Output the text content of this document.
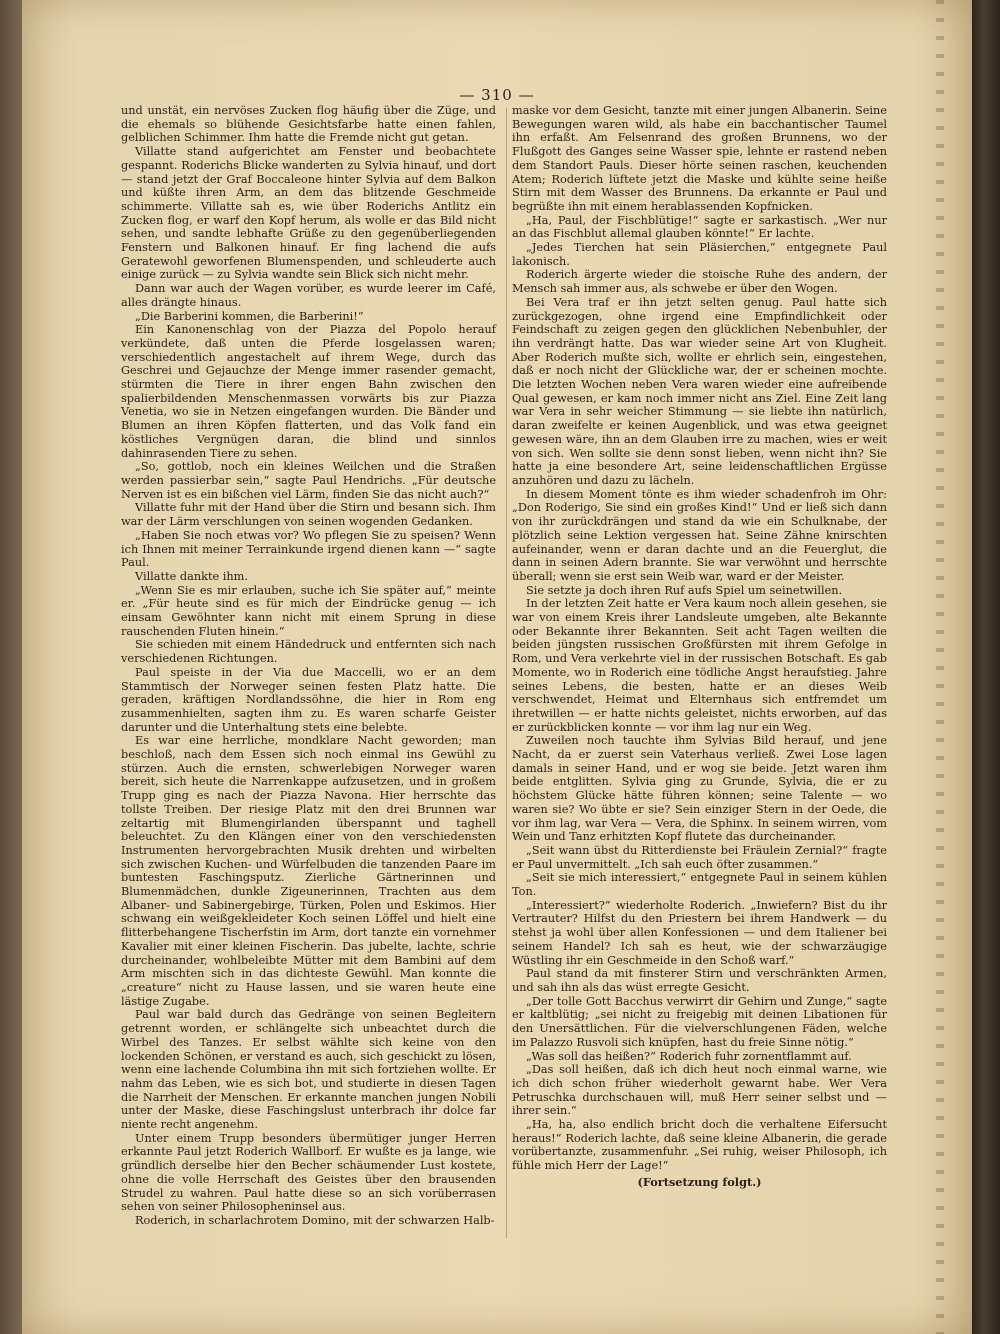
— 310 —

und unstät, ein nervöses Zucken flog häufig über die Züge, und die ehemals so blühende Gesichtsfarbe hatte einen fahlen, gelblichen Schimmer. Ihm hatte die Fremde nicht gut getan.

Villatte stand aufgerichtet am Fenster und beobachtete gespannt. Roderichs Blicke wanderten zu Sylvia hinauf, und dort — stand jetzt der Graf Boccaleone hinter Sylvia auf dem Balkon und küßte ihren Arm, an dem das blitzende Geschmeide schimmerte. Villatte sah es, wie über Roderichs Antlitz ein Zucken flog, er warf den Kopf herum, als wolle er das Bild nicht sehen, und sandte lebhafte Grüße zu den gegenüberliegenden Fenstern und Balkonen hinauf. Er fing lachend die aufs Geratewohl geworfenen Blumenspenden, und schleuderte auch einige zurück — zu Sylvia wandte sein Blick sich nicht mehr.

Dann war auch der Wagen vorüber, es wurde leerer im Café, alles drängte hinaus.

„Die Barberini kommen, die Barberini!“

Ein Kanonenschlag von der Piazza del Popolo herauf verkündete, daß unten die Pferde losgelassen waren; verschiedentlich angestachelt auf ihrem Wege, durch das Geschrei und Gejauchze der Menge immer rasender gemacht, stürmten die Tiere in ihrer engen Bahn zwischen den spalierbildenden Menschenmassen vorwärts bis zur Piazza Venetia, wo sie in Netzen eingefangen wurden. Die Bänder und Blumen an ihren Köpfen flatterten, und das Volk fand ein köstliches Vergnügen daran, die blind und sinnlos dahinrasenden Tiere zu sehen.

„So, gottlob, noch ein kleines Weilchen und die Straßen werden passierbar sein,“ sagte Paul Hendrichs. „Für deutsche Nerven ist es ein bißchen viel Lärm, finden Sie das nicht auch?“

Villatte fuhr mit der Hand über die Stirn und besann sich. Ihm war der Lärm verschlungen von seinen wogenden Gedanken.

„Haben Sie noch etwas vor? Wo pflegen Sie zu speisen? Wenn ich Ihnen mit meiner Terrainkunde irgend dienen kann —“ sagte Paul.

Villatte dankte ihm.

„Wenn Sie es mir erlauben, suche ich Sie später auf,“ meinte er. „Für heute sind es für mich der Eindrücke genug — ich einsam Gewöhnter kann nicht mit einem Sprung in diese rauschenden Fluten hinein.“

Sie schieden mit einem Händedruck und entfernten sich nach verschiedenen Richtungen.

Paul speiste in der Via due Maccelli, wo er an dem Stammtisch der Norweger seinen festen Platz hatte. Die geraden, kräftigen Nordlandssöhne, die hier in Rom eng zusammenhielten, sagten ihm zu. Es waren scharfe Geister darunter und die Unterhaltung stets eine belebte.

Es war eine herrliche, mondklare Nacht geworden; man beschloß, nach dem Essen sich noch einmal ins Gewühl zu stürzen. Auch die ernsten, schwerlebigen Norweger waren bereit, sich heute die Narrenkappe aufzusetzen, und in großem Trupp ging es nach der Piazza Navona. Hier herrschte das tollste Treiben. Der riesige Platz mit den drei Brunnen war zeltartig mit Blumengirlanden überspannt und taghell beleuchtet. Zu den Klängen einer von den verschiedensten Instrumenten hervorgebrachten Musik drehten und wirbelten sich zwischen Kuchen- und Würfelbuden die tanzenden Paare im buntesten Faschingsputz. Zierliche Gärtnerinnen und Blumenmädchen, dunkle Zigeunerinnen, Trachten aus dem Albaner- und Sabinergebirge, Türken, Polen und Eskimos. Hier schwang ein weißgekleideter Koch seinen Löffel und hielt eine flitterbehangene Tischerfstin im Arm, dort tanzte ein vornehmer Kavalier mit einer kleinen Fischerin. Das jubelte, lachte, schrie durcheinander, wohlbeleibte Mütter mit dem Bambini auf dem Arm mischten sich in das dichteste Gewühl. Man konnte die „creature“ nicht zu Hause lassen, und sie waren heute eine lästige Zugabe.

Paul war bald durch das Gedränge von seinen Begleitern getrennt worden, er schlängelte sich unbeachtet durch die Wirbel des Tanzes. Er selbst wählte sich keine von den lockenden Schönen, er verstand es auch, sich geschickt zu lösen, wenn eine lachende Columbina ihn mit sich fortziehen wollte. Er nahm das Leben, wie es sich bot, und studierte in diesen Tagen die Narrheit der Menschen. Er erkannte manchen jungen Nobili unter der Maske, diese Faschingslust unterbrach ihr dolce far niente recht angenehm.

Unter einem Trupp besonders übermütiger junger Herren erkannte Paul jetzt Roderich Wallborf. Er wußte es ja lange, wie gründlich derselbe hier den Becher schäumender Lust kostete, ohne die volle Herrschaft des Geistes über den brausenden Strudel zu wahren. Paul hatte diese so an sich vorüberrasen sehen von seiner Philosopheninsel aus.

Roderich, in scharlachrotem Domino, mit der schwarzen Halb-

maske vor dem Gesicht, tanzte mit einer jungen Albanerin. Seine Bewegungen waren wild, als habe ein bacchantischer Taumel ihn erfaßt. Am Felsenrand des großen Brunnens, wo der Flußgott des Ganges seine Wasser spie, lehnte er rastend neben dem Standort Pauls. Dieser hörte seinen raschen, keuchenden Atem; Roderich lüftete jetzt die Maske und kühlte seine heiße Stirn mit dem Wasser des Brunnens. Da erkannte er Paul und begrüßte ihn mit einem herablassenden Kopfnicken.

„Ha, Paul, der Fischblütige!“ sagte er sarkastisch. „Wer nur an das Fischblut allemal glauben könnte!“ Er lachte.

„Jedes Tierchen hat sein Pläsierchen,“ entgegnete Paul lakonisch.

Roderich ärgerte wieder die stoische Ruhe des andern, der Mensch sah immer aus, als schwebe er über den Wogen.

Bei Vera traf er ihn jetzt selten genug. Paul hatte sich zurückgezogen, ohne irgend eine Empfindlichkeit oder Feindschaft zu zeigen gegen den glücklichen Nebenbuhler, der ihn verdrängt hatte. Das war wieder seine Art von Klugheit. Aber Roderich mußte sich, wollte er ehrlich sein, eingestehen, daß er noch nicht der Glückliche war, der er scheinen mochte. Die letzten Wochen neben Vera waren wieder eine aufreibende Qual gewesen, er kam noch immer nicht ans Ziel. Eine Zeit lang war Vera in sehr weicher Stimmung — sie liebte ihn natürlich, daran zweifelte er keinen Augenblick, und was etwa geeignet gewesen wäre, ihn an dem Glauben irre zu machen, wies er weit von sich. Wen sollte sie denn sonst lieben, wenn nicht ihn? Sie hatte ja eine besondere Art, seine leidenschaftlichen Ergüsse anzuhören und dazu zu lächeln.

In diesem Moment tönte es ihm wieder schadenfroh im Ohr: „Don Roderigo, Sie sind ein großes Kind!“ Und er ließ sich dann von ihr zurückdrängen und stand da wie ein Schulknabe, der plötzlich seine Lektion vergessen hat. Seine Zähne knirschten aufeinander, wenn er daran dachte und an die Feuerglut, die dann in seinen Adern brannte. Sie war verwöhnt und herrschte überall; wenn sie erst sein Weib war, ward er der Meister.

Sie setzte ja doch ihren Ruf aufs Spiel um seinetwillen.

In der letzten Zeit hatte er Vera kaum noch allein gesehen, sie war von einem Kreis ihrer Landsleute umgeben, alte Bekannte oder Bekannte ihrer Bekannten. Seit acht Tagen weilten die beiden jüngsten russischen Großfürsten mit ihrem Gefolge in Rom, und Vera verkehrte viel in der russischen Botschaft. Es gab Momente, wo in Roderich eine tödliche Angst heraufstieg. Jahre seines Lebens, die besten, hatte er an dieses Weib verschwendet, Heimat und Elternhaus sich entfremdet um ihretwillen — er hatte nichts geleistet, nichts erworben, auf das er zurückblicken konnte — vor ihm lag nur ein Weg.

Zuweilen noch tauchte ihm Sylvias Bild herauf, und jene Nacht, da er zuerst sein Vaterhaus verließ. Zwei Lose lagen damals in seiner Hand, und er wog sie beide. Jetzt waren ihm beide entglitten. Sylvia ging zu Grunde, Sylvia, die er zu höchstem Glücke hätte führen können; seine Talente — wo waren sie? Wo übte er sie? Sein einziger Stern in der Oede, die vor ihm lag, war Vera — Vera, die Sphinx. In seinem wirren, vom Wein und Tanz erhitzten Kopf flutete das durcheinander.

„Seit wann übst du Ritterdienste bei Fräulein Zernial?“ fragte er Paul unvermittelt. „Ich sah euch öfter zusammen.“

„Seit sie mich interessiert,“ entgegnete Paul in seinem kühlen Ton.

„Interessiert?“ wiederholte Roderich. „Inwiefern? Bist du ihr Vertrauter? Hilfst du den Priestern bei ihrem Handwerk — du stehst ja wohl über allen Konfessionen — und dem Italiener bei seinem Handel? Ich sah es heut, wie der schwarzäugige Wüstling ihr ein Geschmeide in den Schoß warf.“

Paul stand da mit finsterer Stirn und verschränkten Armen, und sah ihn als das wüst erregte Gesicht.

„Der tolle Gott Bacchus verwirrt dir Gehirn und Zunge,“ sagte er kaltblütig; „sei nicht zu freigebig mit deinen Libationen für den Unersättlichen. Für die vielverschlungenen Fäden, welche im Palazzo Rusvoli sich knüpfen, hast du freie Sinne nötig.“

„Was soll das heißen?“ Roderich fuhr zornentflammt auf.

„Das soll heißen, daß ich dich heut noch einmal warne, wie ich dich schon früher wiederholt gewarnt habe. Wer Vera Petruschka durchschauen will, muß Herr seiner selbst und — ihrer sein.“

„Ha, ha, also endlich bricht doch die verhaltene Eifersucht heraus!“ Roderich lachte, daß seine kleine Albanerin, die gerade vorübertanzte, zusammenfuhr. „Sei ruhig, weiser Philosoph, ich fühle mich Herr der Lage!“

(Fortsetzung folgt.)
